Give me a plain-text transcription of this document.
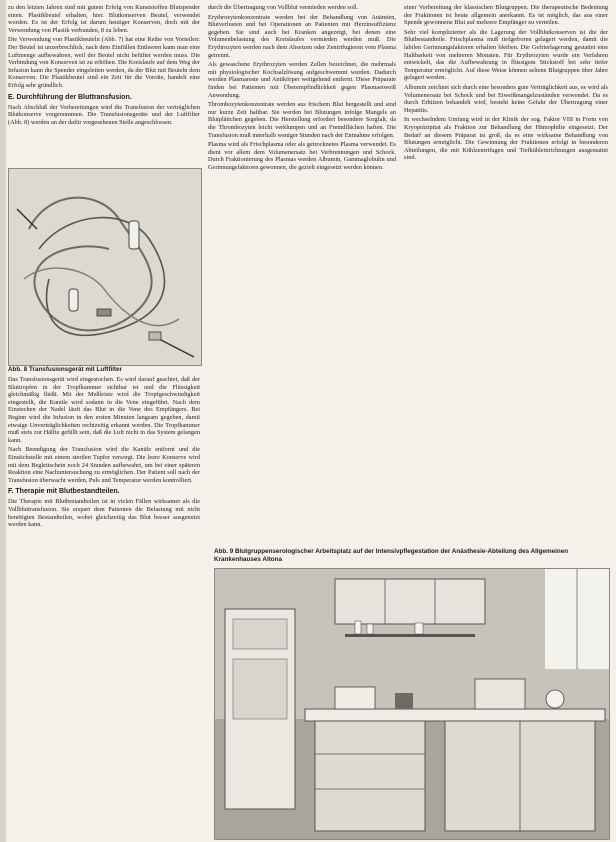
zu den letzten Jahren sind mit gutem Erfolg von Kunststoffen Blutspender einen. Plastikbeutel erhalten, hier. Blutkonserven Beutel, verwendet worden. Es ist der Erfolg ist darum heutiger Konserven, doch mit der Verwendung von Plastik verbunden, 8 zu leben.

Die Verwendung von Plastikbeuteln (Abb. 7) hat eine Reihe von Vorteilen: Der Beutel ist unzerbrechlich, nach dem Einfüllen Entleeren kann man eine Luftmenge aufbewahren, weil der Beutel nicht belüftet werden muss. Die Verbindung von Konserven ist zu erhöhen. Die Kreislaufe auf dem Weg der Infusion kann die Spender eingeleiten werden, da der Blut mit Beuteln dem Konserven. Die Plastikbeutel sind ein Zeit für die Vorräte, handelt eine Erfolg sehr gründlich.

E. Durchführung der Bluttransfusion.

Nach Abschluß der Vorbereitungen wird die Transfusion der verträglichen Blutkonserve vorgenommen. Die Transfusionsgeräte und der Luftfilter (Abb. 8) werden an der dafür vorgesehenen Stelle angeschlossen.

Abb. 8 Transfusionsgerät mit Luftfilter

Das Transfusionsgerät wird eingestochen. Es wird darauf geachtet, daß der Bluttropfen in der Tropfkammer sichtbar ist und die Flüssigkeit gleichmäßig fließt. Mit der Meßleiste wird die Tropfgeschwindigkeit eingestellt, die Kanüle wird sodann in die Vene eingeführt. Nach dem Einstechen der Nadel läuft das Blut in die Vene des Empfängers. Bei Beginn wird die Infusion in den ersten Minuten langsam gegeben, damit etwaige Unverträglichkeiten rechtzeitig erkannt werden. Die Tropfkammer muß stets zur Hälfte gefüllt sein, daß die Luft nicht in das System gelangen kann.

Nach Beendigung der Transfusion wird die Kanüle entfernt und die Einstichstelle mit einem sterilen Tupfer versorgt. Die leere Konserve wird mit dem Begleitschein noch 24 Stunden aufbewahrt, um bei einer späteren Reaktion eine Nachuntersuchung zu ermöglichen. Der Patient soll nach der Transfusion überwacht werden, Puls und Temperatur werden kontrolliert.

F. Therapie mit Blutbestandteilen.

Die Therapie mit Blutbestandteilen ist in vielen Fällen wirksamer als die Vollbluttransfusion. Sie erspart dem Patienten die Belastung mit nicht benötigten Bestandteilen, wobei gleichzeitig das Blut besser ausgenutzt werden kann.

durch die Übertragung von Vollblut vermieden werden soll.

Erythrozytenkonzentrate werden bei der Behandlung von Anämien, Blutverlusten und bei Operationen an Patienten mit Herzinsuffizienz gegeben. Sie sind auch bei Kranken angezeigt, bei denen eine Volumenbelastung des Kreislaufes vermieden werden muß. Die Erythrozyten werden nach dem Absetzen oder Zentrifugieren vom Plasma getrennt.

Als gewaschene Erythrozyten werden Zellen bezeichnet, die mehrmals mit physiologischer Kochsalzlösung aufgeschwemmt wurden. Dadurch werden Plasmareste und Antikörper weitgehend entfernt. Diese Präparate finden bei Patienten mit Überempfindlichkeit gegen Plasmaeiweiß Anwendung.

Thrombozytenkonzentrate werden aus frischem Blut hergestellt und sind nur kurze Zeit haltbar. Sie werden bei Blutungen infolge Mangels an Blutplättchen gegeben. Die Herstellung erfordert besondere Sorgfalt, da die Thrombozyten leicht verklumpen und an Fremdflächen haften. Die Transfusion muß innerhalb weniger Stunden nach der Entnahme erfolgen.

Plasma wird als Frischplasma oder als getrocknetes Plasma verwendet. Es dient vor allem dem Volumenersatz bei Verbrennungen und Schock. Durch Fraktionierung des Plasmas werden Albumin, Gammaglobulin und Gerinnungsfaktoren gewonnen, die gezielt eingesetzt werden können.

einer Vorbereitung der klassischen Blutgruppen. Die therapeutische Bedeutung der Fraktionen ist heute allgemein anerkannt. Es ist möglich, das aus einer Spende gewonnene Blut auf mehrere Empfänger zu verteilen.

Sehr viel komplizierter als die Lagerung der Vollblutkonserven ist die der Blutbestandteile. Frischplasma muß tiefgefroren gelagert werden, damit die labilen Gerinnungsfaktoren erhalten bleiben. Die Gefrierlagerung gestattet eine Haltbarkeit von mehreren Monaten. Für Erythrozyten wurde ein Verfahren entwickelt, das die Aufbewahrung in flüssigem Stickstoff bei sehr tiefer Temperatur ermöglicht. Auf diese Weise können seltene Blutgruppen über Jahre gelagert werden.

Albumin zeichnet sich durch eine besonders gute Verträglichkeit aus, es wird als Volumenersatz bei Schock und bei Eiweißmangelzuständen verwendet. Da es durch Erhitzen behandelt wird, besteht keine Gefahr der Übertragung einer Hepatitis.

In wechselndem Umfang wird in der Klinik der sog. Faktor VIII in Form von Kryopräzipitat als Fraktion zur Behandlung der Hämophilie eingesetzt. Der Bedarf an diesem Präparat ist groß, da es eine wirksame Behandlung von Blutungen ermöglicht. Die Gewinnung der Fraktionen erfolgt in besonderen Abteilungen, die mit Kühlzentrifugen und Tiefkühleinrichtungen ausgestattet sind.

Abb. 9 Blutgruppenserologischer Arbeitsplatz auf der Intensivpflegestation der Anästhesie-Abteilung des Allgemeinen Krankenhauses Altona
